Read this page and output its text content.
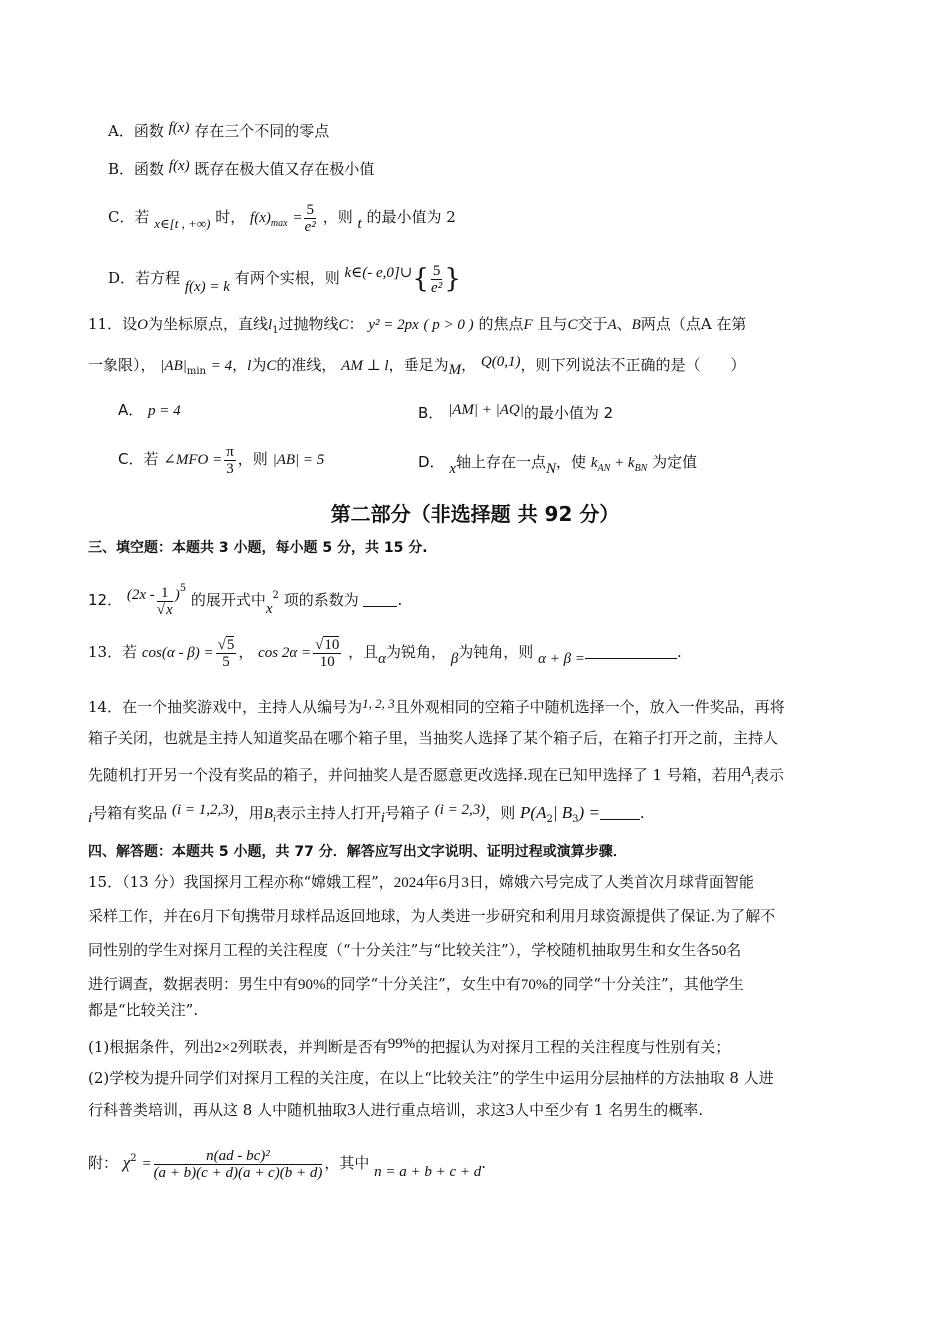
A．函数 f(x) 存在三个不同的零点
B．函数 f(x) 既存在极大值又存在极小值
C．若 x∈[t , +∞) 时， $f(x)_{max} = \frac{5}{\text{e²}}$ ，则 t 的最小值为 2
D．若方程 f(x) = k 有两个实根，则 k∈(- e,0]∪{ $\frac{5}{\text{e²}}$ }
11．设O为坐标原点，直线$l_1$过抛物线C： y² = 2px ( p > 0 ) 的焦点F 且与C交于A、B两点（点A 在第
一象限）， $|AB|_{min} = 4$，l为C的准线， AM ⊥ l，垂足为M， Q(0,1)，则下列说法不正确的是（　　）
A． p = 4	B． |AM| + |AQ|的最小值为 2
C．若 ∠MFO = $\frac{\pi}{3}$ ，则 |AB| = 5	D． x轴上存在一点N，使 $k_{AN} + k_{BN}$ 为定值
第二部分（非选择题 共 92 分）
三、填空题：本题共 3 小题，每小题 5 分，共 15 分.
12． $(2x - \frac{1}{√x} )^5$ 的展开式中$x^2$ 项的系数为	.
13．若 $\cos(\alpha - \beta) = \frac{√5}{5}$ ， $\cos 2\alpha = \frac{√10}{10}$ ，且α为锐角， β为钝角，则 α + β =	.
14．在一个抽奖游戏中，主持人从编号为1, 2, 3且外观相同的空箱子中随机选择一个，放入一件奖品，再将
箱子关闭，也就是主持人知道奖品在哪个箱子里，当抽奖人选择了某个箱子后，在箱子打开之前，主持人
先随机打开另一个没有奖品的箱子，并问抽奖人是否愿意更改选择.现在已知甲选择了 1 号箱，若用$A_i$表示
i号箱有奖品 (i = 1,2,3)，用$B_i$表示主持人打开i号箱子 (i = 2,3)，则 $P(A_2|$ $B_3$) =	.
四、解答题：本题共 5 小题，共 77 分．解答应写出文字说明、证明过程或演算步骤．
15．（13 分）我国探月工程亦称“嫦娥工程”，2024年6月3日，嫦娥六号完成了人类首次月球背面智能
采样工作，并在6月下旬携带月球样品返回地球，为人类进一步研究和利用月球资源提供了保证.为了解不
同性别的学生对探月工程的关注程度（“十分关注”与“比较关注”），学校随机抽取男生和女生各50名
进行调查，数据表明：男生中有90%的同学“十分关注”，女生中有70%的同学“十分关注”，其他学生
都是“比较关注”.
(1)根据条件，列出2×2列联表，并判断是否有99%的把握认为对探月工程的关注程度与性别有关；
(2)学校为提升同学们对探月工程的关注度，在以上“比较关注”的学生中运用分层抽样的方法抽取 8 人进
行科普类培训，再从这 8 人中随机抽取3人进行重点培训，求这3人中至少有 1 名男生的概率.
附： $\chi^2 = \frac{\text{n(ad - bc)²}}{(a + b)(c + d)(a + c)(b + d)}$ ，其中 n = a + b + c + d.
